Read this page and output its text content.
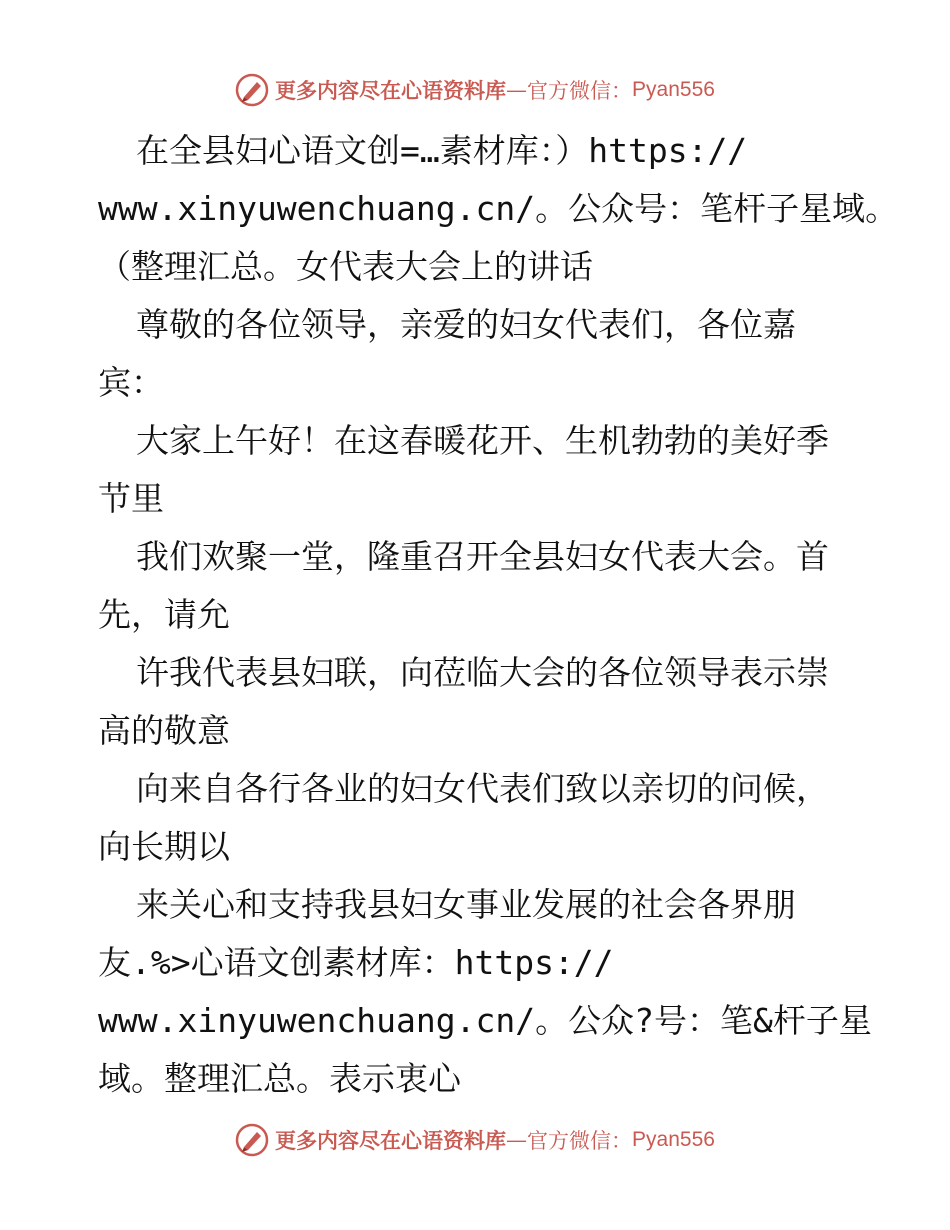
更多内容尽在心语资料库 — 官方微信： Pyan556
在全县妇心语文创=…素材库：）https://
www.xinyuwenchuang.cn/。公众号：笔杆子星域。
（整理汇总。女代表大会上的讲话
尊敬的各位领导，亲爱的妇女代表们，各位嘉
宾：
大家上午好！在这春暖花开、生机勃勃的美好季
节里
我们欢聚一堂，隆重召开全县妇女代表大会。首
先，请允
许我代表县妇联，向莅临大会的各位领导表示崇
高的敬意
向来自各行各业的妇女代表们致以亲切的问候，
向长期以
来关心和支持我县妇女事业发展的社会各界朋
友.%>心语文创素材库：https://
www.xinyuwenchuang.cn/。公众?号：笔&杆子星
域。整理汇总。表示衷心
更多内容尽在心语资料库 — 官方微信： Pyan556
